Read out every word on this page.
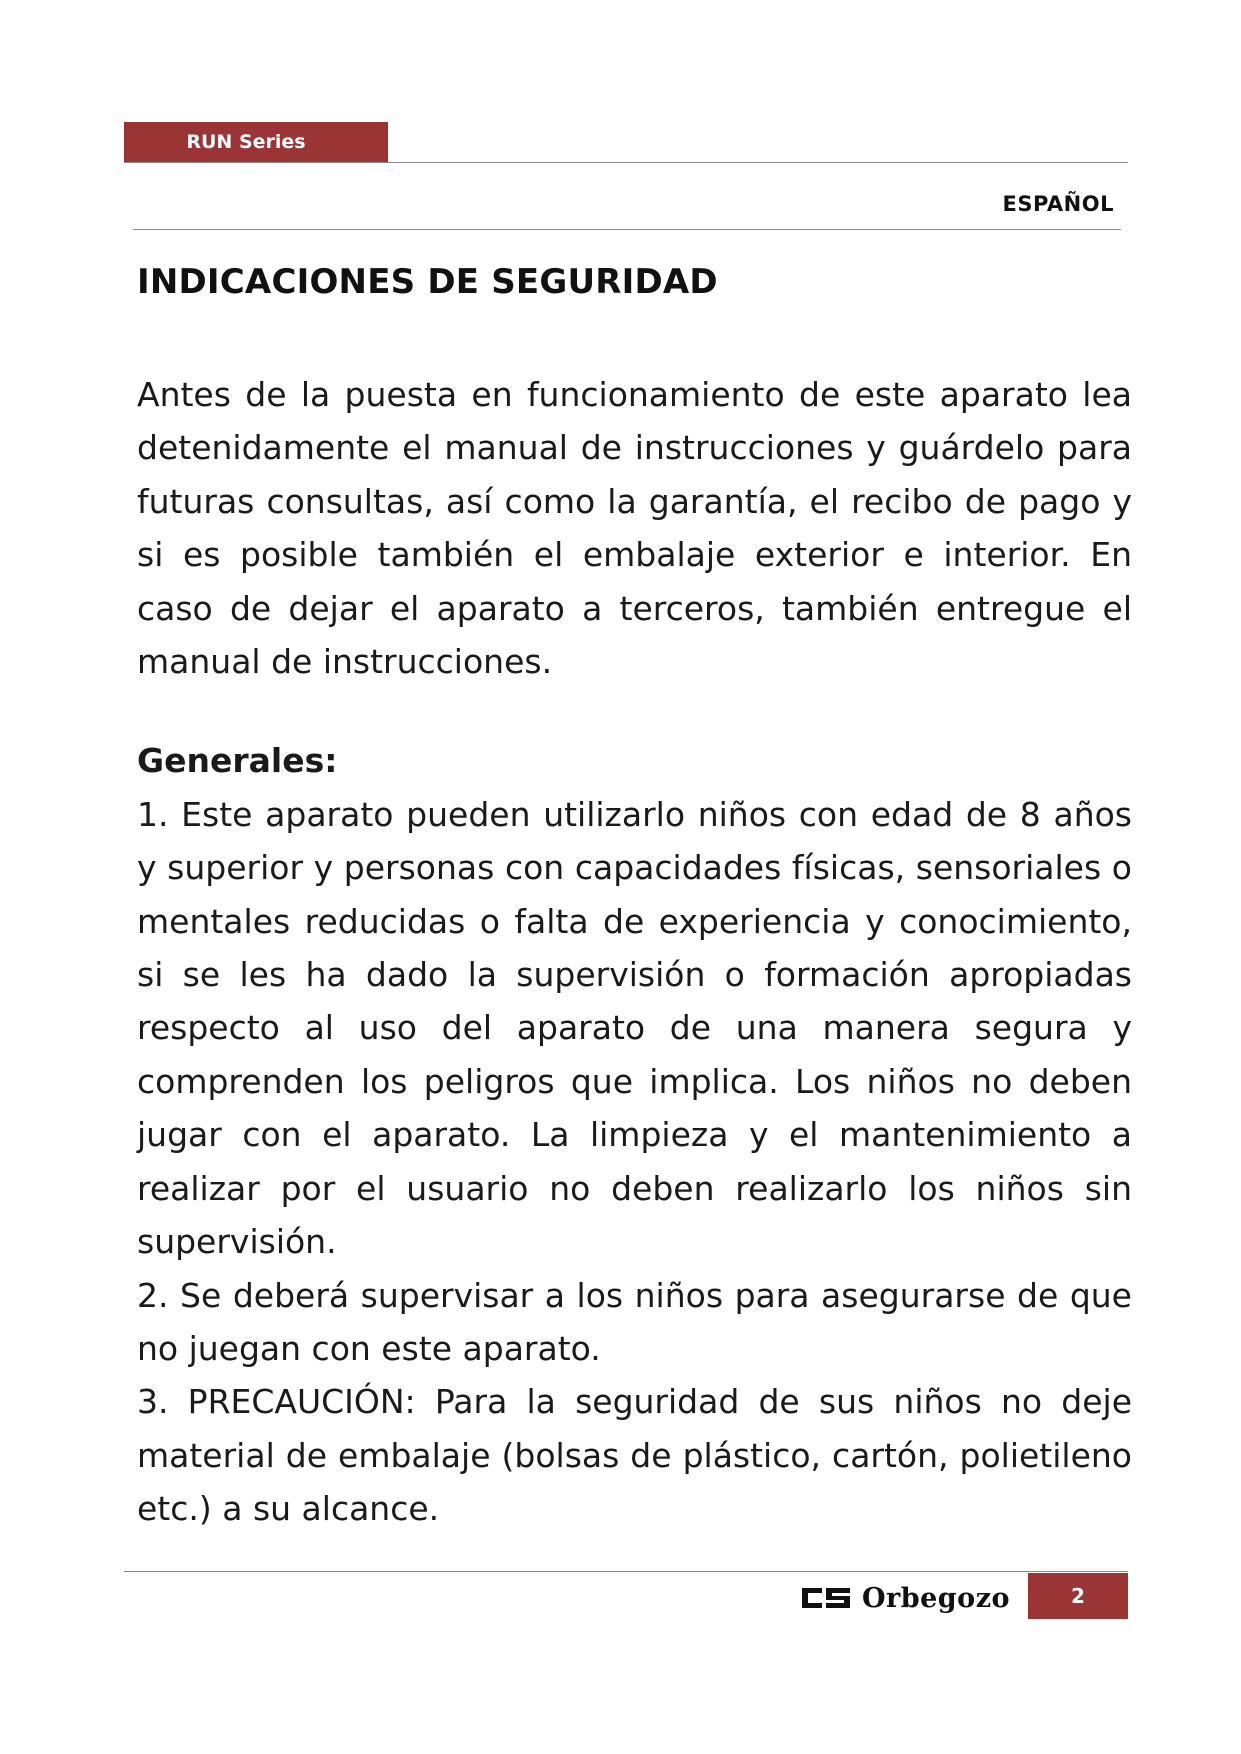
RUN Series
ESPAÑOL
INDICACIONES DE SEGURIDAD

Antes de la puesta en funcionamiento de este aparato lea detenidamente el manual de instrucciones y guárdelo para futuras consultas, así como la garantía, el recibo de pago y si es posible también el embalaje exterior e interior. En caso de dejar el aparato a terceros, también entregue el manual de instrucciones.

Generales:

1. Este aparato pueden utilizarlo niños con edad de 8 años y superior y personas con capacidades físicas, sensoriales o mentales reducidas o falta de experiencia y conocimiento, si se les ha dado la supervisión o formación apropiadas respecto al uso del aparato de una manera segura y comprenden los peligros que implica. Los niños no deben jugar con el aparato. La limpieza y el mantenimiento a realizar por el usuario no deben realizarlo los niños sin supervisión.

2. Se deberá supervisar a los niños para asegurarse de que no juegan con este aparato.

3. PRECAUCIÓN: Para la seguridad de sus niños no deje material de embalaje (bolsas de plástico, cartón, polietileno etc.) a su alcance.

Orbegozo	2
